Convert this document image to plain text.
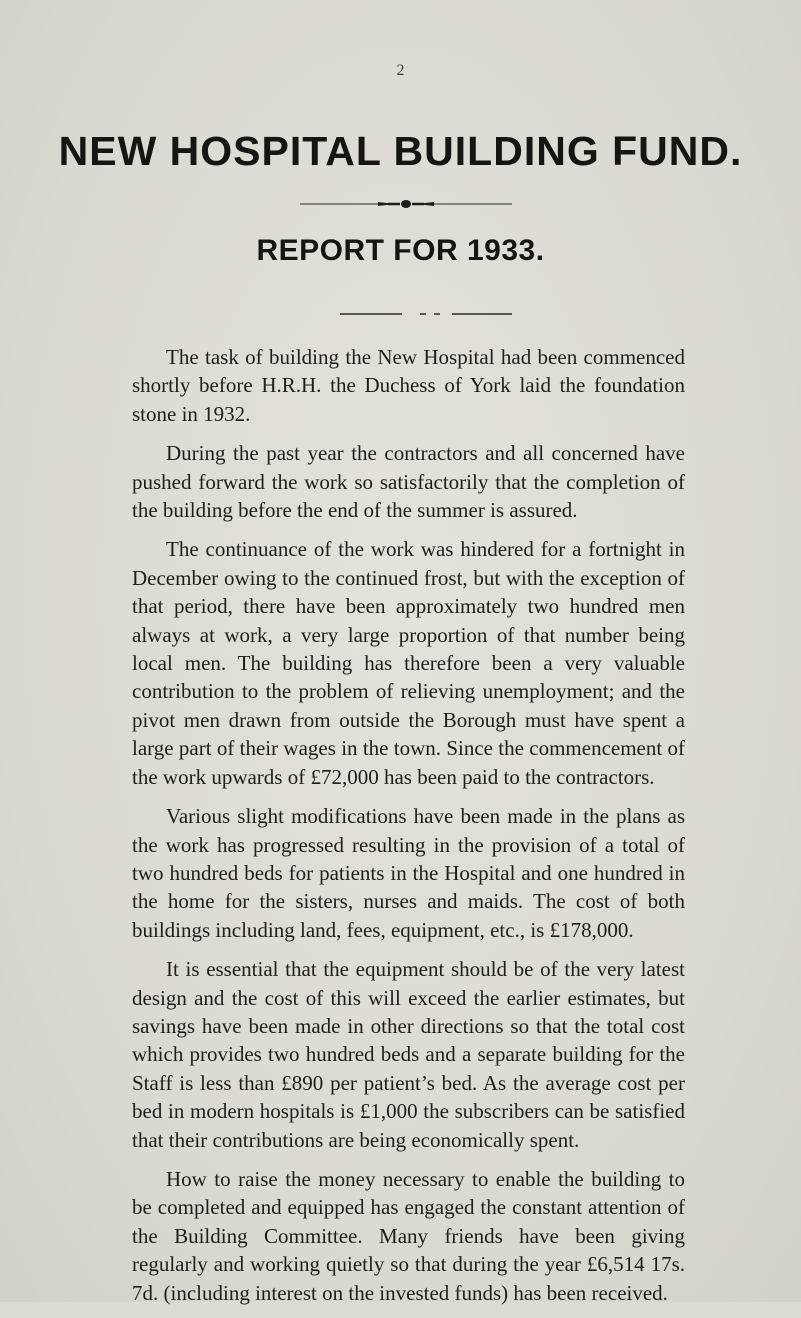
2
NEW HOSPITAL BUILDING FUND.
REPORT FOR 1933.

The task of building the New Hospital had been commenced shortly before H.R.H. the Duchess of York laid the foundation stone in 1932.

During the past year the contractors and all concerned have pushed forward the work so satisfactorily that the completion of the building before the end of the summer is assured.

The continuance of the work was hindered for a fortnight in December owing to the continued frost, but with the exception of that period, there have been approximately two hundred men always at work, a very large proportion of that number being local men. The building has therefore been a very valuable contribution to the problem of relieving unemployment; and the pivot men drawn from outside the Borough must have spent a large part of their wages in the town. Since the commencement of the work upwards of £72,000 has been paid to the contractors.

Various slight modifications have been made in the plans as the work has progressed resulting in the provision of a total of two hundred beds for patients in the Hospital and one hundred in the home for the sisters, nurses and maids. The cost of both buildings including land, fees, equipment, etc., is £178,000.

It is essential that the equipment should be of the very latest design and the cost of this will exceed the earlier estimates, but savings have been made in other directions so that the total cost which provides two hundred beds and a separate building for the Staff is less than £890 per patient’s bed. As the average cost per bed in modern hospitals is £1,000 the subscribers can be satisfied that their contributions are being economically spent.

How to raise the money necessary to enable the building to be completed and equipped has engaged the constant attention of the Building Committee. Many friends have been giving regularly and working quietly so that during the year £6,514 17s. 7d. (including interest on the invested funds) has been received.
